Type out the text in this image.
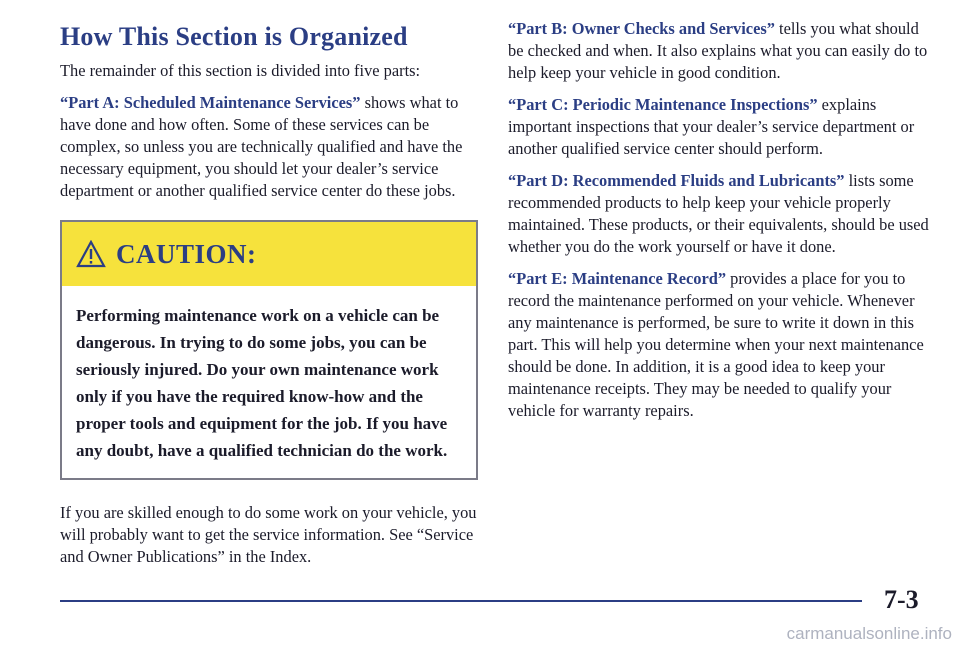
How This Section is Organized

The remainder of this section is divided into five parts:

“Part A: Scheduled Maintenance Services” shows what to have done and how often. Some of these services can be complex, so unless you are technically qualified and have the necessary equipment, you should let your dealer’s service department or another qualified service center do these jobs.

CAUTION:
Performing maintenance work on a vehicle can be dangerous. In trying to do some jobs, you can be seriously injured. Do your own maintenance work only if you have the required know-how and the proper tools and equipment for the job. If you have any doubt, have a qualified technician do the work.

If you are skilled enough to do some work on your vehicle, you will probably want to get the service information. See “Service and Owner Publications” in the Index.

“Part B: Owner Checks and Services” tells you what should be checked and when. It also explains what you can easily do to help keep your vehicle in good condition.

“Part C: Periodic Maintenance Inspections” explains important inspections that your dealer’s service department or another qualified service center should perform.

“Part D: Recommended Fluids and Lubricants” lists some recommended products to help keep your vehicle properly maintained. These products, or their equivalents, should be used whether you do the work yourself or have it done.

“Part E: Maintenance Record” provides a place for you to record the maintenance performed on your vehicle. Whenever any maintenance is performed, be sure to write it down in this part. This will help you determine when your next maintenance should be done. In addition, it is a good idea to keep your maintenance receipts. They may be needed to qualify your vehicle for warranty repairs.

7-3
carmanualsonline.info
